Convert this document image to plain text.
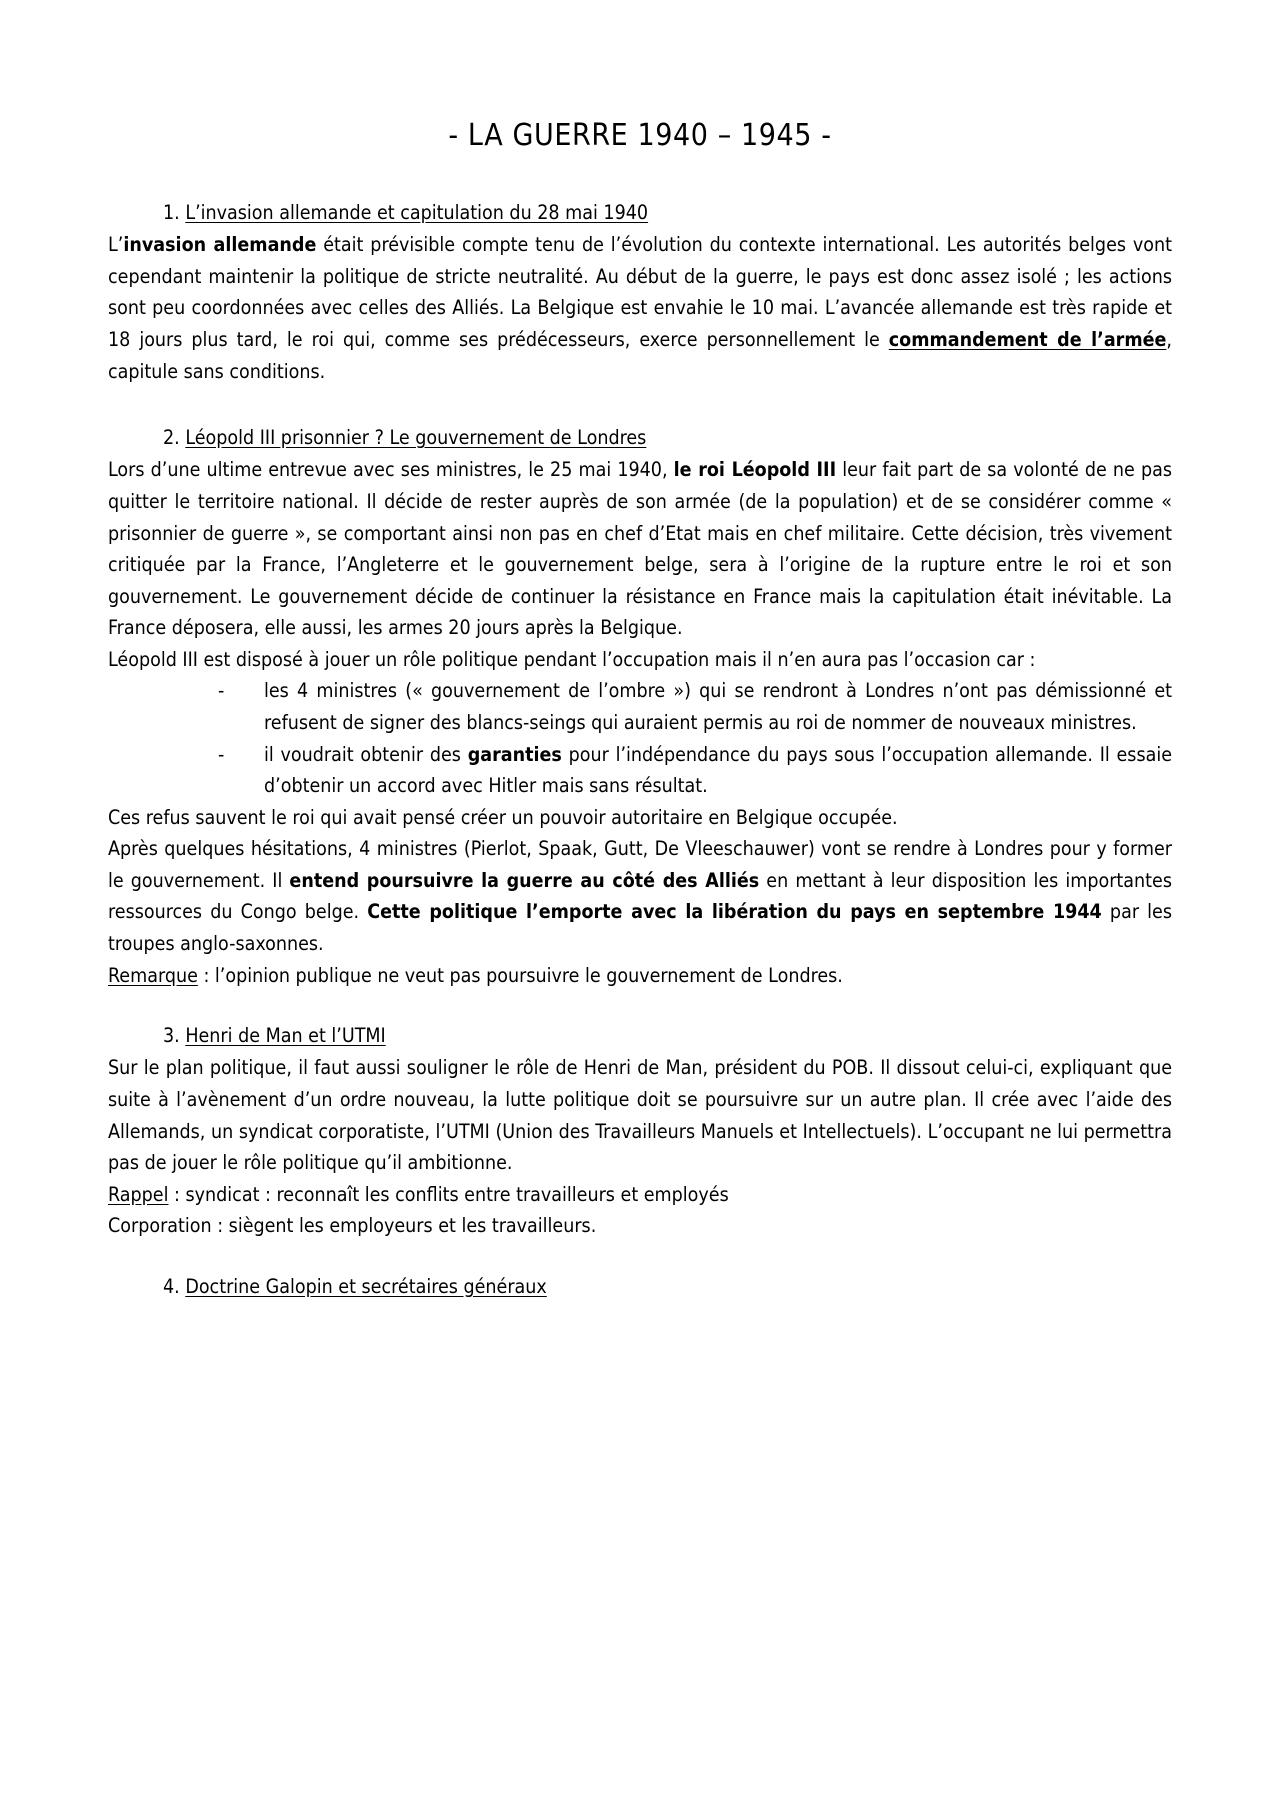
- LA GUERRE 1940 – 1945 -
1. L’invasion allemande et capitulation du 28 mai 1940

L’invasion allemande était prévisible compte tenu de l’évolution du contexte international. Les autorités belges vont cependant maintenir la politique de stricte neutralité. Au début de la guerre, le pays est donc assez isolé ; les actions sont peu coordonnées avec celles des Alliés. La Belgique est envahie le 10 mai. L’avancée allemande est très rapide et 18 jours plus tard, le roi qui, comme ses prédécesseurs, exerce personnellement le commandement de l’armée, capitule sans conditions.

2. Léopold III prisonnier ? Le gouvernement de Londres

Lors d’une ultime entrevue avec ses ministres, le 25 mai 1940, le roi Léopold III leur fait part de sa volonté de ne pas quitter le territoire national. Il décide de rester auprès de son armée (de la population) et de se considérer comme « prisonnier de guerre », se comportant ainsi non pas en chef d’Etat mais en chef militaire. Cette décision, très vivement critiquée par la France, l’Angleterre et le gouvernement belge, sera à l’origine de la rupture entre le roi et son gouvernement. Le gouvernement décide de continuer la résistance en France mais la capitulation était inévitable. La France déposera, elle aussi, les armes 20 jours après la Belgique.

Léopold III est disposé à jouer un rôle politique pendant l’occupation mais il n’en aura pas l’occasion car :

- les 4 ministres (« gouvernement de l’ombre ») qui se rendront à Londres n’ont pas démissionné et refusent de signer des blancs-seings qui auraient permis au roi de nommer de nouveaux ministres.
- il voudrait obtenir des garanties pour l’indépendance du pays sous l’occupation allemande. Il essaie d’obtenir un accord avec Hitler mais sans résultat.

Ces refus sauvent le roi qui avait pensé créer un pouvoir autoritaire en Belgique occupée.

Après quelques hésitations, 4 ministres (Pierlot, Spaak, Gutt, De Vleeschauwer) vont se rendre à Londres pour y former le gouvernement. Il entend poursuivre la guerre au côté des Alliés en mettant à leur disposition les importantes ressources du Congo belge. Cette politique l’emporte avec la libération du pays en septembre 1944 par les troupes anglo-saxonnes.

Remarque : l’opinion publique ne veut pas poursuivre le gouvernement de Londres.

3. Henri de Man et l’UTMI

Sur le plan politique, il faut aussi souligner le rôle de Henri de Man, président du POB. Il dissout celui-ci, expliquant que suite à l’avènement d’un ordre nouveau, la lutte politique doit se poursuivre sur un autre plan. Il crée avec l’aide des Allemands, un syndicat corporatiste, l’UTMI (Union des Travailleurs Manuels et Intellectuels). L’occupant ne lui permettra pas de jouer le rôle politique qu’il ambitionne.

Rappel : syndicat : reconnaît les conflits entre travailleurs et employés

Corporation : siègent les employeurs et les travailleurs.

4. Doctrine Galopin et secrétaires généraux
